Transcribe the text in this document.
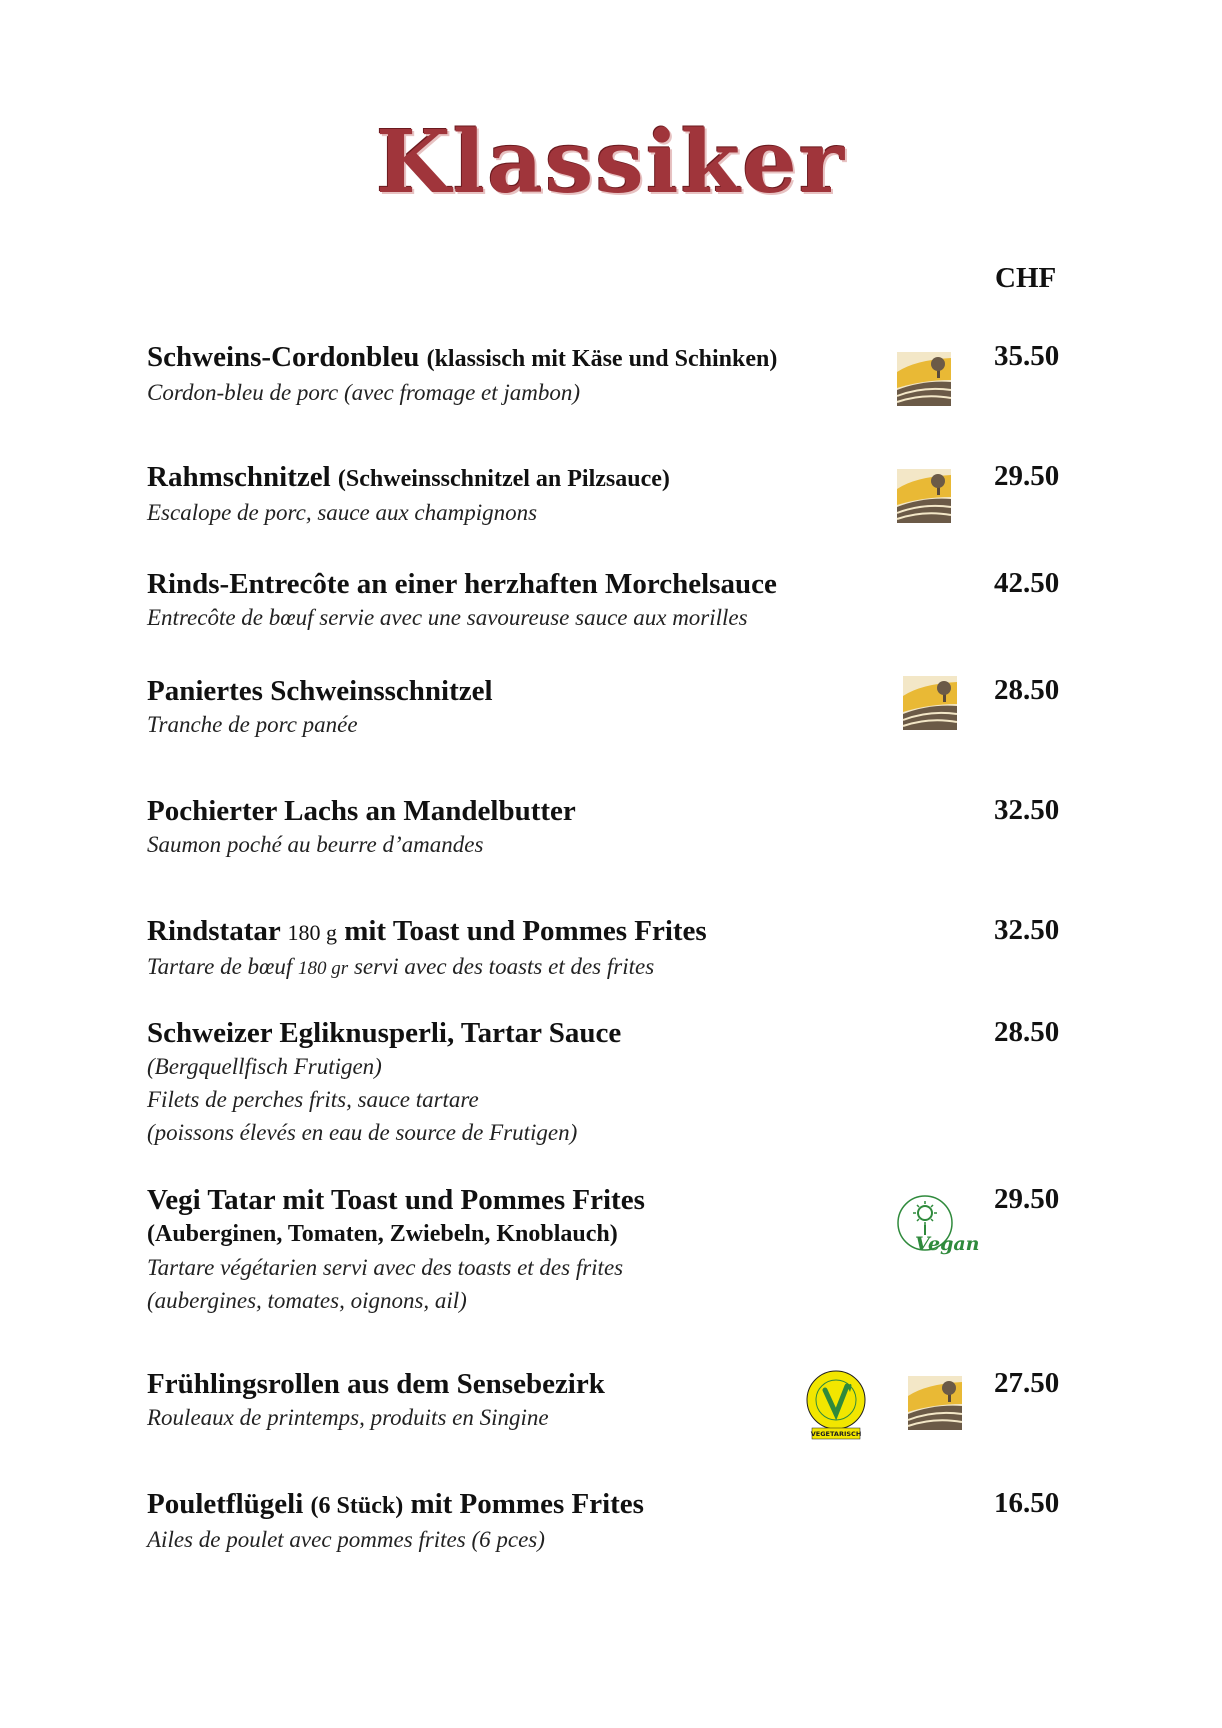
Klassiker
CHF
Schweins-Cordonbleu (klassisch mit Käse und Schinken)
Cordon-bleu de porc (avec fromage et jambon)
35.50
Rahmschnitzel (Schweinsschnitzel an Pilzsauce)
Escalope de porc, sauce aux champignons
29.50
Rinds-Entrecôte an einer herzhaften Morchelsauce
Entrecôte de bœuf servie avec une savoureuse sauce aux morilles
42.50
Paniertes Schweinsschnitzel
Tranche de porc panée
28.50
Pochierter Lachs an Mandelbutter
Saumon poché au beurre d’amandes
32.50
Rindstatar 180 g mit Toast und Pommes Frites
Tartare de bœuf 180 gr servi avec des toasts et des frites
32.50
Schweizer Egliknusperli, Tartar Sauce
(Bergquellfisch Frutigen)
Filets de perches frits, sauce tartare
(poissons élevés en eau de source de Frutigen)
28.50
Vegi Tatar mit Toast und Pommes Frites
(Auberginen, Tomaten, Zwiebeln, Knoblauch)
Tartare végétarien servi avec des toasts et des frites
(aubergines, tomates, oignons, ail)
Vegan
29.50
Frühlingsrollen aus dem Sensebezirk
Rouleaux de printemps, produits en Singine
VEGETARISCH
27.50
Pouletflügeli (6 Stück) mit Pommes Frites
Ailes de poulet avec pommes frites (6 pces)
16.50
